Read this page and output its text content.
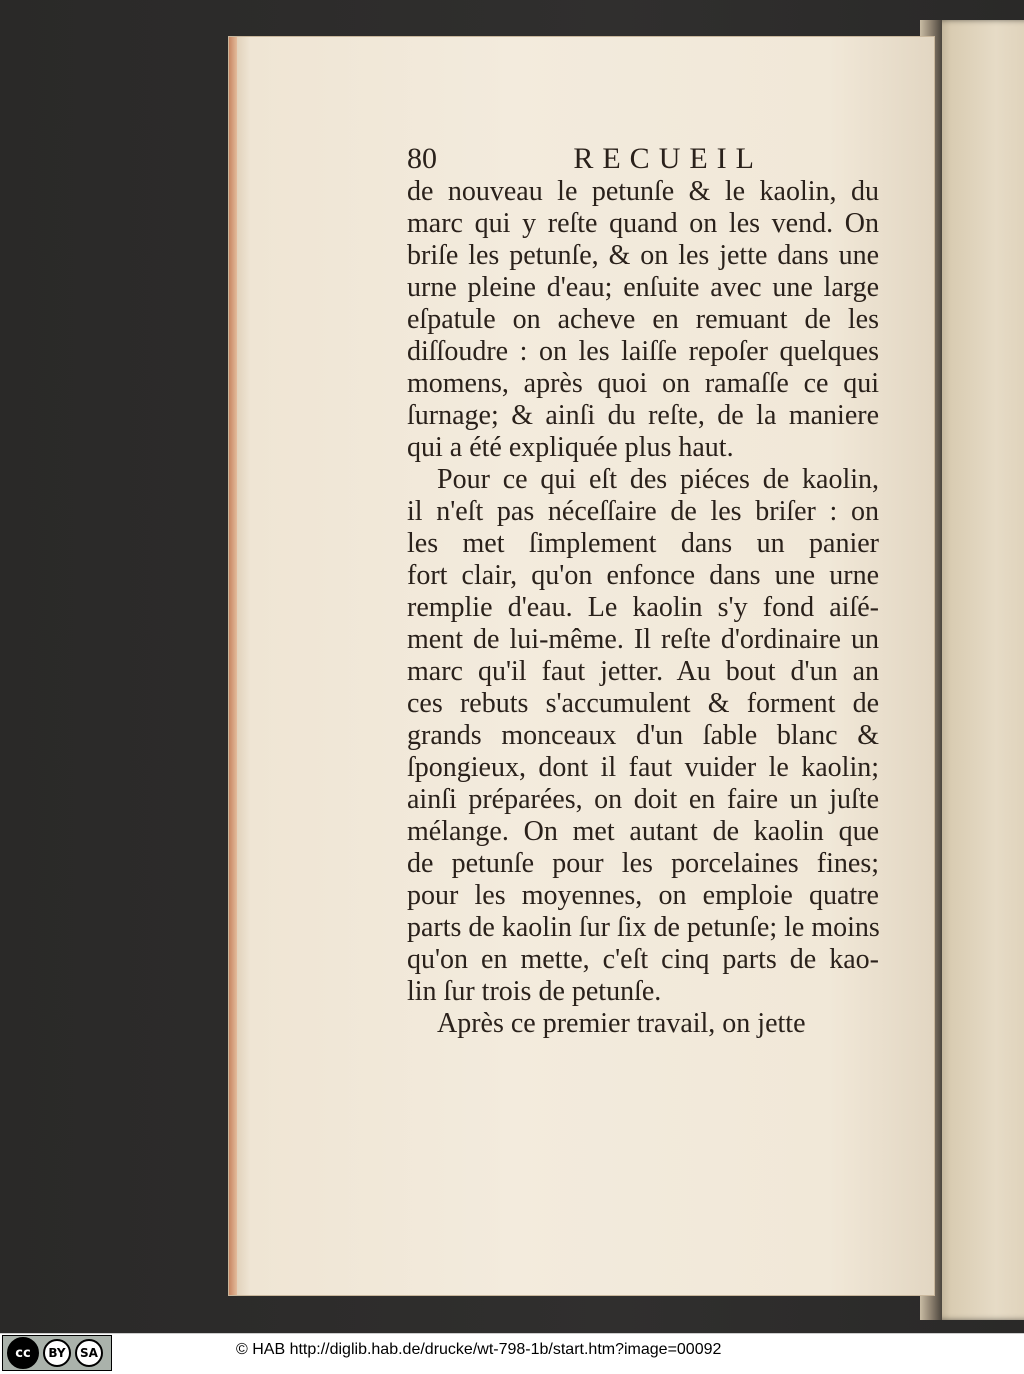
80	RECUEIL
de nouveau le petunſe & le kaolin, du
marc qui y reſte quand on les vend. On
briſe les petunſe, & on les jette dans une
urne pleine d'eau; enſuite avec une large
eſpatule on acheve en remuant de les
diſſoudre : on les laiſſe repoſer quelques
momens, après quoi on ramaſſe ce qui
ſurnage; & ainſi du reſte, de la maniere
qui a été expliquée plus haut.
Pour ce qui eſt des piéces de kaolin,
il n'eſt pas néceſſaire de les briſer : on
les met ſimplement dans un panier
fort clair, qu'on enfonce dans une urne
remplie d'eau. Le kaolin s'y fond aiſé-
ment de lui-même. Il reſte d'ordinaire un
marc qu'il faut jetter. Au bout d'un an
ces rebuts s'accumulent & forment de
grands monceaux d'un ſable blanc &
ſpongieux, dont il faut vuider le kaolin;
ainſi préparées, on doit en faire un juſte
mélange. On met autant de kaolin que
de petunſe pour les porcelaines fines;
pour les moyennes, on emploie quatre
parts de kaolin ſur ſix de petunſe; le moins
qu'on en mette, c'eſt cinq parts de kao-
lin ſur trois de petunſe.
Après ce premier travail, on jette
cc	BY	SA	© HAB http://diglib.hab.de/drucke/wt-798-1b/start.htm?image=00092
